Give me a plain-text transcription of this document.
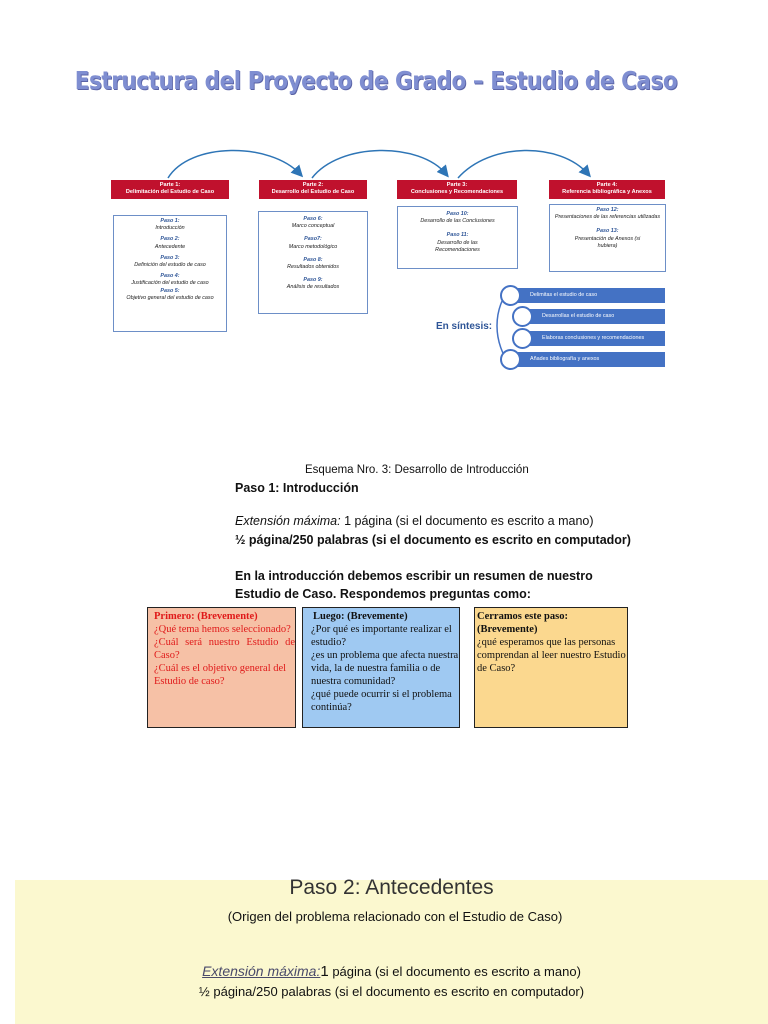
Estructura del Proyecto de Grado – Estudio de Caso
Parte 1:
Delimitación del Estudio de Caso
Parte 2:
Desarrollo del Estudio de Caso
Parte 3:
Conclusiones y Recomendaciones
Parte 4:
Referencia bibliográfica y Anexos
Paso 1:
Introducción
Paso 2:
Antecedente
Paso 3:
Definición del estudio de caso
Paso 4:
Justificación del estudio de caso
Paso 5:
Objetivo general del estudio de caso
Paso 6:
Marco conceptual
Paso7:
Marco metodológico
Paso 8:
Resultados obtenidos
Paso 9:
Análisis de resultados
Paso 10:
Desarrollo de las Conclusiones
Paso 11:
Desarrollo de las Recomendaciones
Paso 12:
Presentaciones de las referencias utilizadas
Paso 13:
Presentación de Anexos (si hubiera)
En síntesis:
Delimitas el estudio de caso
Desarrollas el estudio de caso
Elaboras conclusiones y recomendaciones
Añades bibliografía y anexos
Esquema Nro. 3: Desarrollo de Introducción
Paso 1: Introducción
Extensión máxima: 1 página (si el documento es escrito a mano)
½ página/250 palabras (si el documento es escrito en computador)
En la introducción debemos escribir un resumen de nuestro Estudio de Caso. Respondemos preguntas como:
Primero: (Brevemente)
¿Qué tema hemos seleccionado?
¿Cuál será nuestro Estudio de Caso?
¿Cuál es el objetivo general del Estudio de caso?
Luego: (Brevemente)
¿Por qué es importante realizar el estudio?
¿es un problema que afecta nuestra vida, la de nuestra familia o de nuestra comunidad?
¿qué puede ocurrir si el problema continúa?
Cerramos este paso: (Brevemente)
¿qué esperamos que las personas comprendan al leer nuestro Estudio de Caso?
Paso 2: Antecedentes
(Origen del problema relacionado con el Estudio de Caso)
Extensión máxima:1 página (si el documento es escrito a mano)
½ página/250 palabras (si el documento es escrito en computador)
